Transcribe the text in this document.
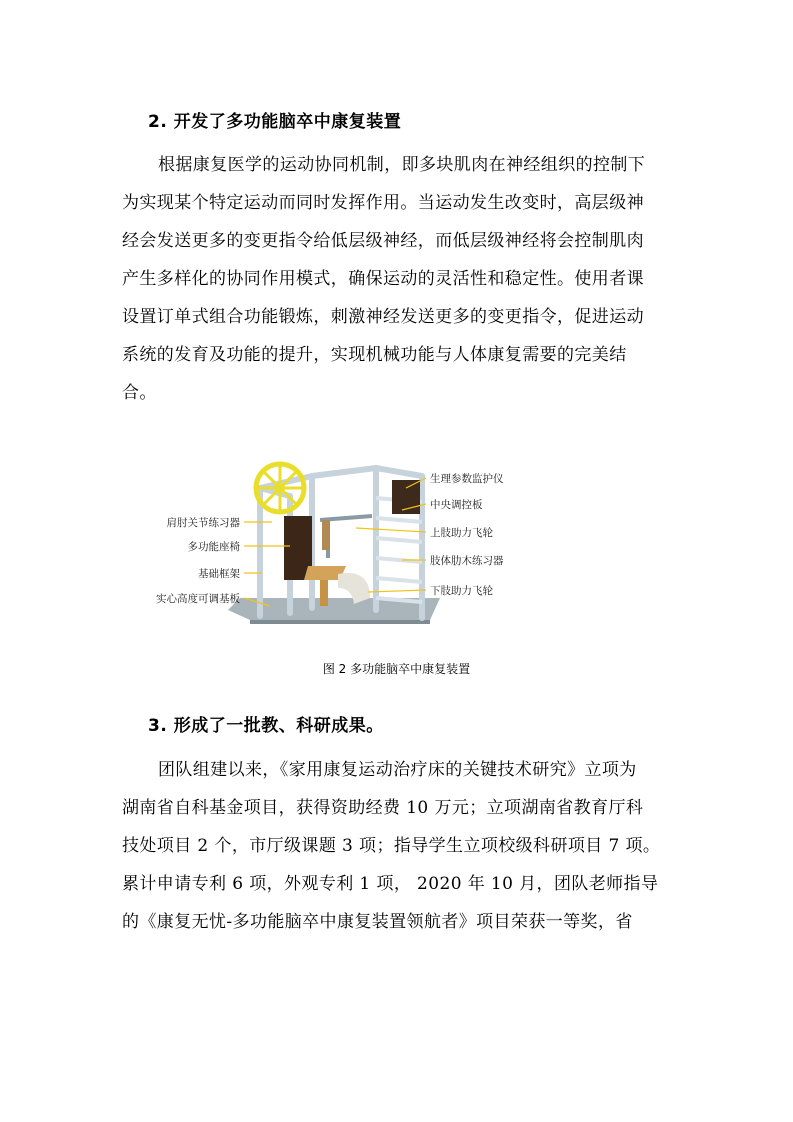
2. 开发了多功能脑卒中康复装置
根据康复医学的运动协同机制，即多块肌肉在神经组织的控制下
为实现某个特定运动而同时发挥作用。当运动发生改变时，高层级神
经会发送更多的变更指令给低层级神经，而低层级神经将会控制肌肉
产生多样化的协同作用模式，确保运动的灵活性和稳定性。使用者课
设置订单式组合功能锻炼，刺激神经发送更多的变更指令，促进运动
系统的发育及功能的提升，实现机械功能与人体康复需要的完美结
合。
肩肘关节练习器
多功能座椅
基础框架
实心高度可调基板
生理参数监护仪
中央调控板
上肢助力飞轮
肢体肋木练习器
下肢助力飞轮
图 2 多功能脑卒中康复装置
3. 形成了一批教、科研成果。
团队组建以来，《家用康复运动治疗床的关键技术研究》立项为
湖南省自科基金项目，获得资助经费 10 万元；立项湖南省教育厅科
技处项目 2 个，市厅级课题 3 项；指导学生立项校级科研项目 7 项。
累计申请专利 6 项，外观专利 1 项， 2020 年 10 月，团队老师指导
的《康复无忧-多功能脑卒中康复装置领航者》项目荣获一等奖，省
